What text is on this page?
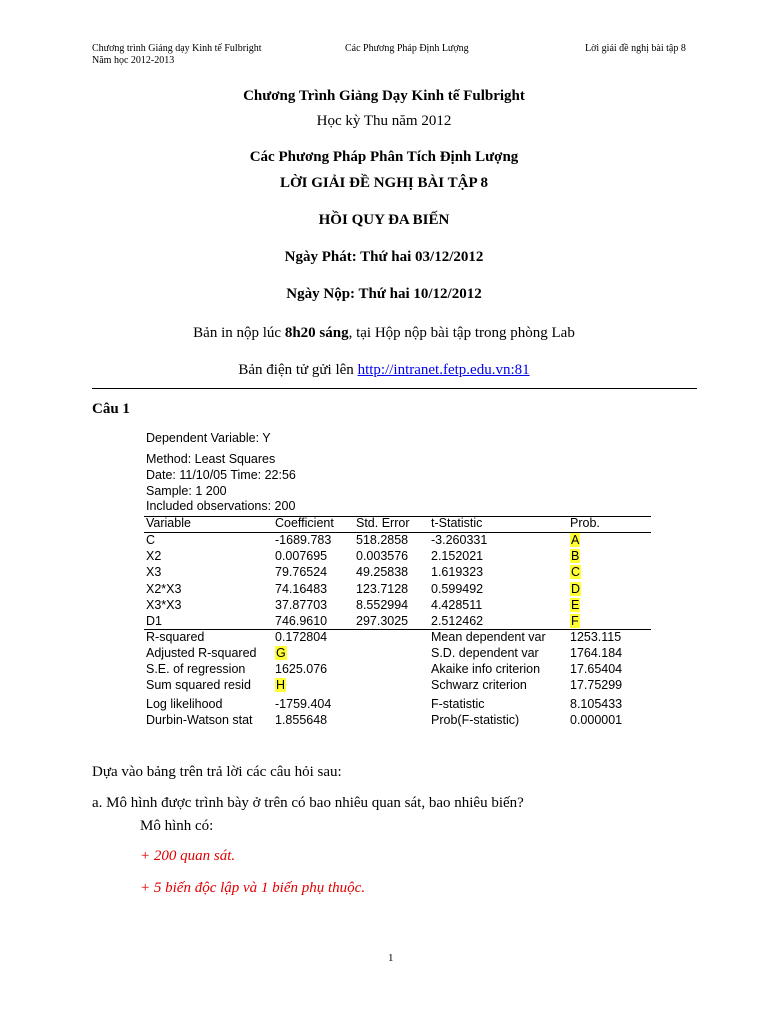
Chương trình Giảng dạy Kinh tế Fulbright
Năm học 2012-2013
Các Phương Pháp Định Lượng	Lời giải đề nghị bài tập 8
Chương Trình Giảng Dạy Kinh tế Fulbright
Học kỳ Thu năm 2012
Các Phương Pháp Phân Tích Định Lượng
LỜI GIẢI ĐỀ NGHỊ BÀI TẬP 8
HỒI QUY ĐA BIẾN
Ngày Phát: Thứ hai 03/12/2012
Ngày Nộp: Thứ hai 10/12/2012
Bản in nộp lúc 8h20 sáng, tại Hộp nộp bài tập trong phòng Lab
Bản điện tử gửi lên http://intranet.fetp.edu.vn:81
Câu 1
Dependent Variable: Y
Method: Least Squares
Date: 11/10/05 Time: 22:56
Sample: 1 200
Included observations: 200
Variable	Coefficient Std. Error t-Statistic	Prob.
C	-1689.783 518.2858 -3.260331	A
X2	0.007695 0.003576 2.152021	B
X3	79.76524 49.25838 1.619323	C
X2*X3	74.16483 123.7128 0.599492	D
X3*X3	37.87703 8.552994 4.428511	E
D1	746.9610 297.3025 2.512462	F
R-squared	0.172804	Mean dependent var 1253.115
Adjusted R-squared G	S.D. dependent var	1764.184
S.E. of regression 1625.076	Akaike info criterion 17.65404
Sum squared resid H	Schwarz criterion	17.75299
Log likelihood	-1759.404	F-statistic	8.105433
Durbin-Watson stat 1.855648	Prob(F-statistic)	0.000001
Dựa vào bảng trên trả lời các câu hỏi sau:
a. Mô hình được trình bày ở trên có bao nhiêu quan sát, bao nhiêu biến?
Mô hình có:
+ 200 quan sát.
+ 5 biến độc lập và 1 biến phụ thuộc.
1
